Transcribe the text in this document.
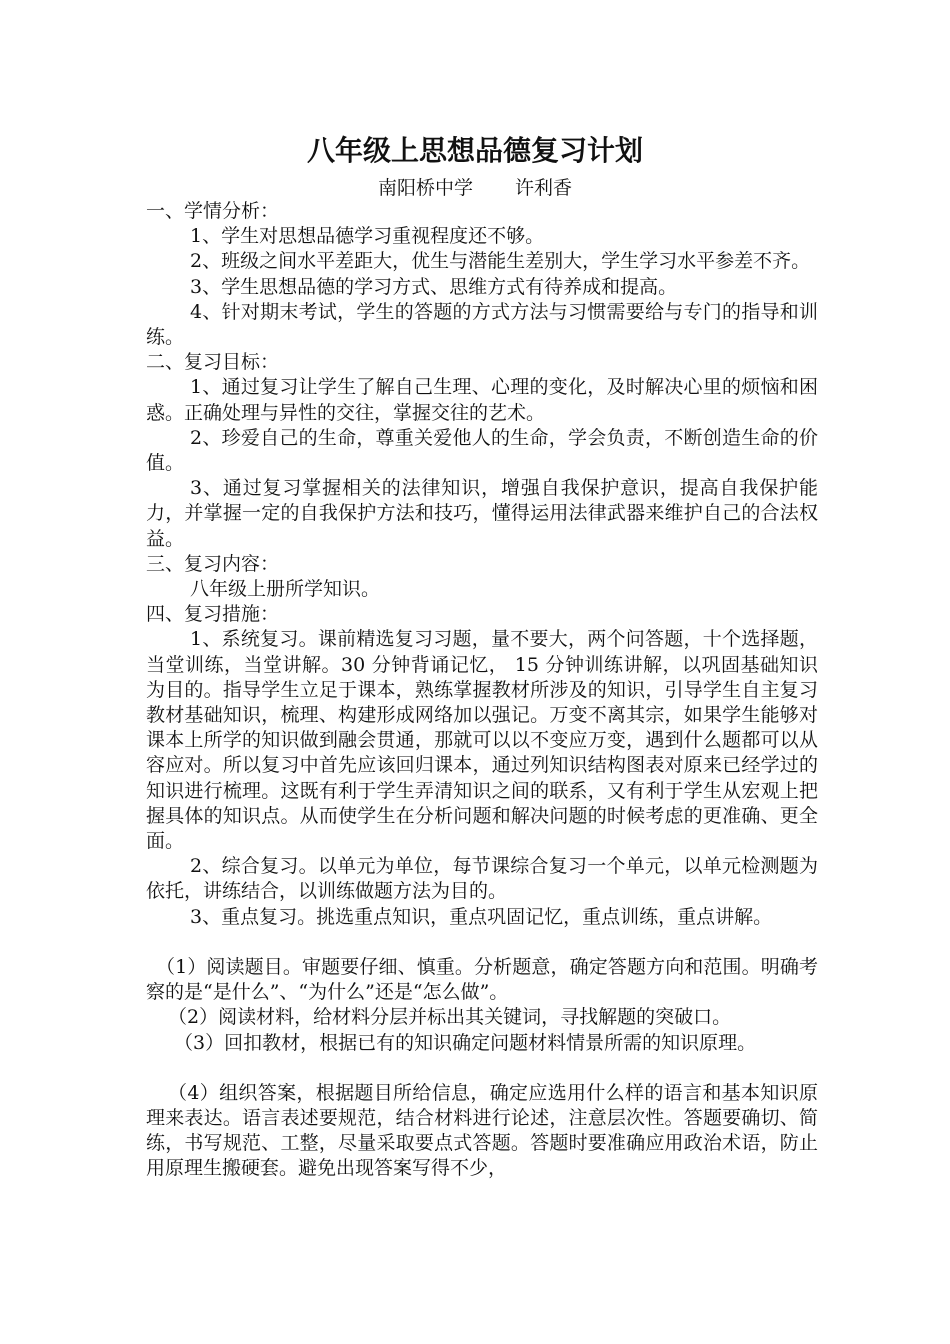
八年级上思想品德复习计划
南阳桥中学 许利香

一、学情分析：

1、学生对思想品德学习重视程度还不够。

2、班级之间水平差距大，优生与潜能生差别大，学生学习水平参差不齐。

3、学生思想品德的学习方式、思维方式有待养成和提高。

4、针对期末考试，学生的答题的方式方法与习惯需要给与专门的指导和训练。

二、复习目标：

1、通过复习让学生了解自己生理、心理的变化，及时解决心里的烦恼和困惑。正确处理与异性的交往，掌握交往的艺术。

2、珍爱自己的生命，尊重关爱他人的生命，学会负责，不断创造生命的价值。

3、通过复习掌握相关的法律知识，增强自我保护意识，提高自我保护能力，并掌握一定的自我保护方法和技巧，懂得运用法律武器来维护自己的合法权益。

三、复习内容：

八年级上册所学知识。

四、复习措施：

1、系统复习。课前精选复习习题，量不要大，两个问答题，十个选择题，当堂训练，当堂讲解。30 分钟背诵记忆， 15 分钟训练讲解，以巩固基础知识为目的。指导学生立足于课本，熟练掌握教材所涉及的知识，引导学生自主复习教材基础知识，梳理、构建形成网络加以强记。万变不离其宗，如果学生能够对课本上所学的知识做到融会贯通，那就可以以不变应万变，遇到什么题都可以从容应对。所以复习中首先应该回归课本，通过列知识结构图表对原来已经学过的知识进行梳理。这既有利于学生弄清知识之间的联系，又有利于学生从宏观上把握具体的知识点。从而使学生在分析问题和解决问题的时候考虑的更准确、更全面。

2、综合复习。以单元为单位，每节课综合复习一个单元，以单元检测题为依托，讲练结合，以训练做题方法为目的。

3、重点复习。挑选重点知识，重点巩固记忆，重点训练，重点讲解。

（1）阅读题目。审题要仔细、慎重。分析题意，确定答题方向和范围。明确考察的是“是什么”、“为什么”还是“怎么做”。

（2）阅读材料，给材料分层并标出其关键词，寻找解题的突破口。

（3）回扣教材，根据已有的知识确定问题材料情景所需的知识原理。

（4）组织答案，根据题目所给信息，确定应选用什么样的语言和基本知识原理来表达。语言表述要规范，结合材料进行论述，注意层次性。答题要确切、简练，书写规范、工整，尽量采取要点式答题。答题时要准确应用政治术语，防止用原理生搬硬套。避免出现答案写得不少，
